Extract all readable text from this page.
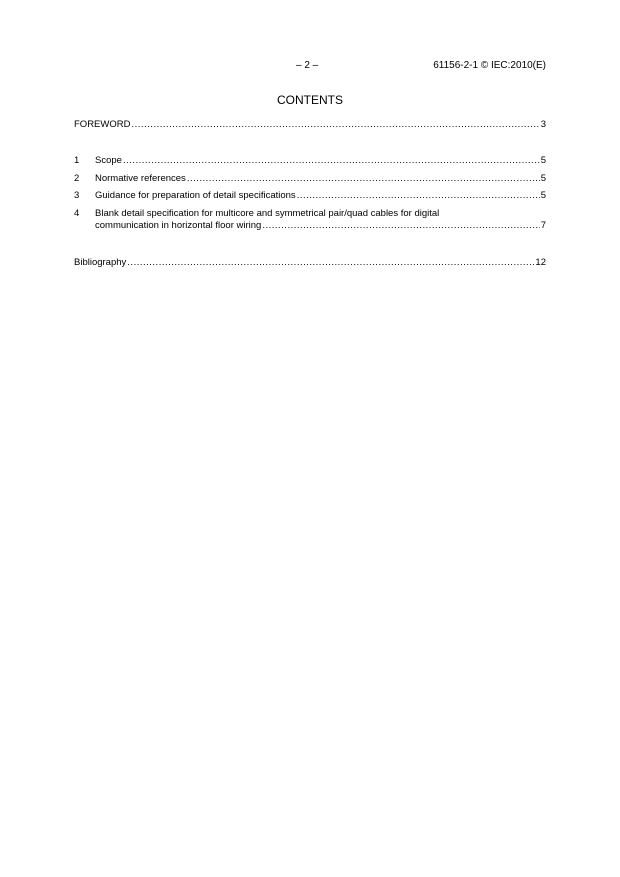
– 2 –	61156-2-1 © IEC:2010(E)
CONTENTS
FOREWORD .....	3
1	Scope .....	5
2	Normative references .....	5
3	Guidance for preparation of detail specifications .....	5
4	Blank detail specification for multicore and symmetrical pair/quad cables for digital
communication in horizontal floor wiring .....	7
Bibliography .....	12
